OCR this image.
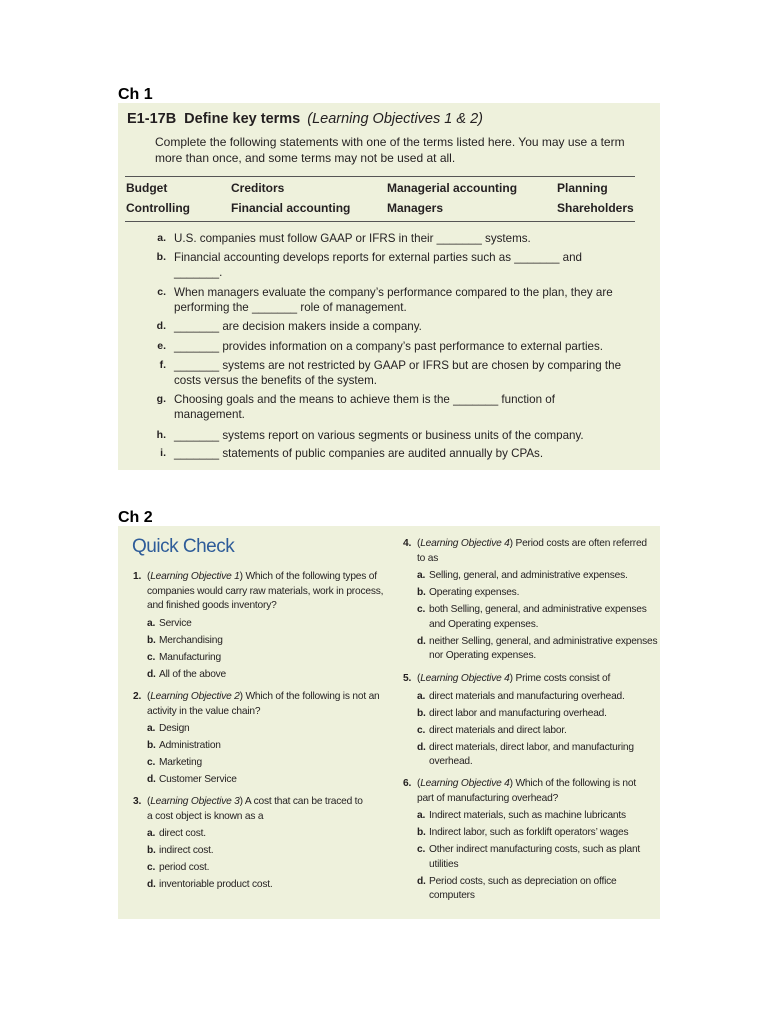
Ch 1
E1-17B Define key terms (Learning Objectives 1 & 2)
Complete the following statements with one of the terms listed here. You may use a term
more than once, and some terms may not be used at all.
Budget	Creditors	Managerial accounting	Planning
Controlling	Financial accounting	Managers	Shareholders
a. U.S. companies must follow GAAP or IFRS in their _______ systems.
b. Financial accounting develops reports for external parties such as _______ and
_______.
c. When managers evaluate the company’s performance compared to the plan, they are
performing the _______ role of management.
d. _______ are decision makers inside a company.
e. _______ provides information on a company’s past performance to external parties.
f. _______ systems are not restricted by GAAP or IFRS but are chosen by comparing the
costs versus the benefits of the system.
g. Choosing goals and the means to achieve them is the _______ function of
management.
h. _______ systems report on various segments or business units of the company.
i. _______ statements of public companies are audited annually by CPAs.
Ch 2
Quick Check
1. (Learning Objective 1) Which of the following types of
companies would carry raw materials, work in process,
and finished goods inventory?
a. Service
b. Merchandising
c. Manufacturing
d. All of the above
2. (Learning Objective 2) Which of the following is not an
activity in the value chain?
a. Design
b. Administration
c. Marketing
d. Customer Service
3. (Learning Objective 3) A cost that can be traced to
a cost object is known as a
a. direct cost.
b. indirect cost.
c. period cost.
d. inventoriable product cost.
4. (Learning Objective 4) Period costs are often referred
to as
a. Selling, general, and administrative expenses.
b. Operating expenses.
c. both Selling, general, and administrative expenses
and Operating expenses.
d. neither Selling, general, and administrative expenses
nor Operating expenses.
5. (Learning Objective 4) Prime costs consist of
a. direct materials and manufacturing overhead.
b. direct labor and manufacturing overhead.
c. direct materials and direct labor.
d. direct materials, direct labor, and manufacturing
overhead.
6. (Learning Objective 4) Which of the following is not
part of manufacturing overhead?
a. Indirect materials, such as machine lubricants
b. Indirect labor, such as forklift operators’ wages
c. Other indirect manufacturing costs, such as plant
utilities
d. Period costs, such as depreciation on office
computers
